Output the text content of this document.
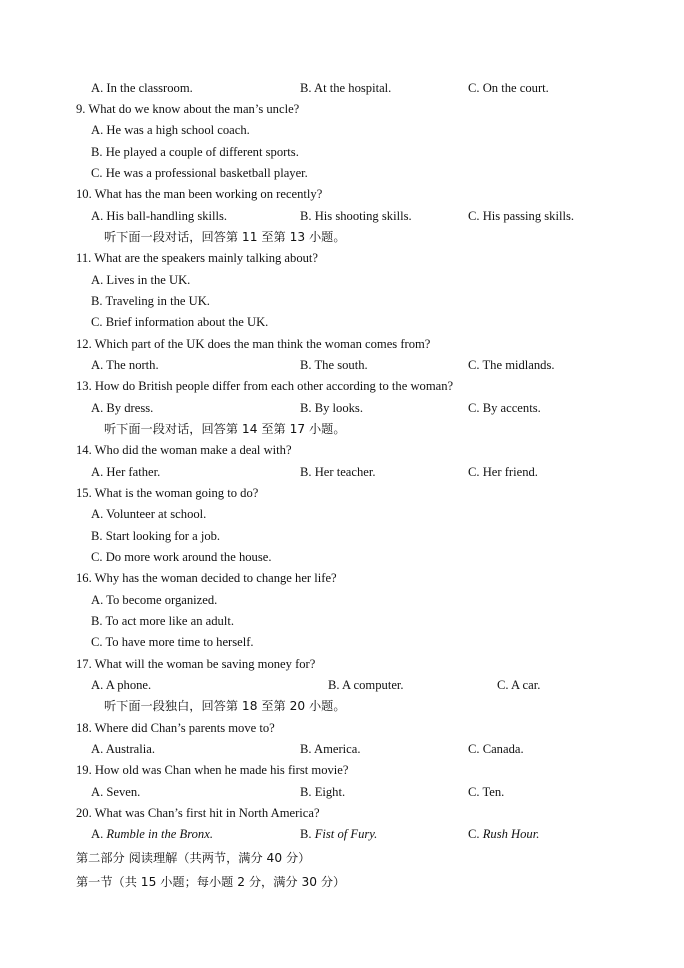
A. In the classroom.	B. At the hospital.	C. On the court.
9. What do we know about the man’s uncle?
A. He was a high school coach.
B. He played a couple of different sports.
C. He was a professional basketball player.
10. What has the man been working on recently?
A. His ball-handling skills.	B. His shooting skills.	C. His passing skills.
听下面一段对话，回答第 11 至第 13 小题。
11. What are the speakers mainly talking about?
A. Lives in the UK.
B. Traveling in the UK.
C. Brief information about the UK.
12. Which part of the UK does the man think the woman comes from?
A. The north.	B. The south.	C. The midlands.
13. How do British people differ from each other according to the woman?
A. By dress.	B. By looks.	C. By accents.
听下面一段对话，回答第 14 至第 17 小题。
14. Who did the woman make a deal with?
A. Her father.	B. Her teacher.	C. Her friend.
15. What is the woman going to do?
A. Volunteer at school.
B. Start looking for a job.
C. Do more work around the house.
16. Why has the woman decided to change her life?
A. To become organized.
B. To act more like an adult.
C. To have more time to herself.
17. What will the woman be saving money for?
A. A phone.	B. A computer.	C. A car.
听下面一段独白，回答第 18 至第 20 小题。
18. Where did Chan’s parents move to?
A. Australia.	B. America.	C. Canada.
19. How old was Chan when he made his first movie?
A. Seven.	B. Eight.	C. Ten.
20. What was Chan’s first hit in North America?
A. Rumble in the Bronx.	B. Fist of Fury.	C. Rush Hour.
第二部分 阅读理解（共两节，满分 40 分）
第一节（共 15 小题；每小题 2 分，满分 30 分）
